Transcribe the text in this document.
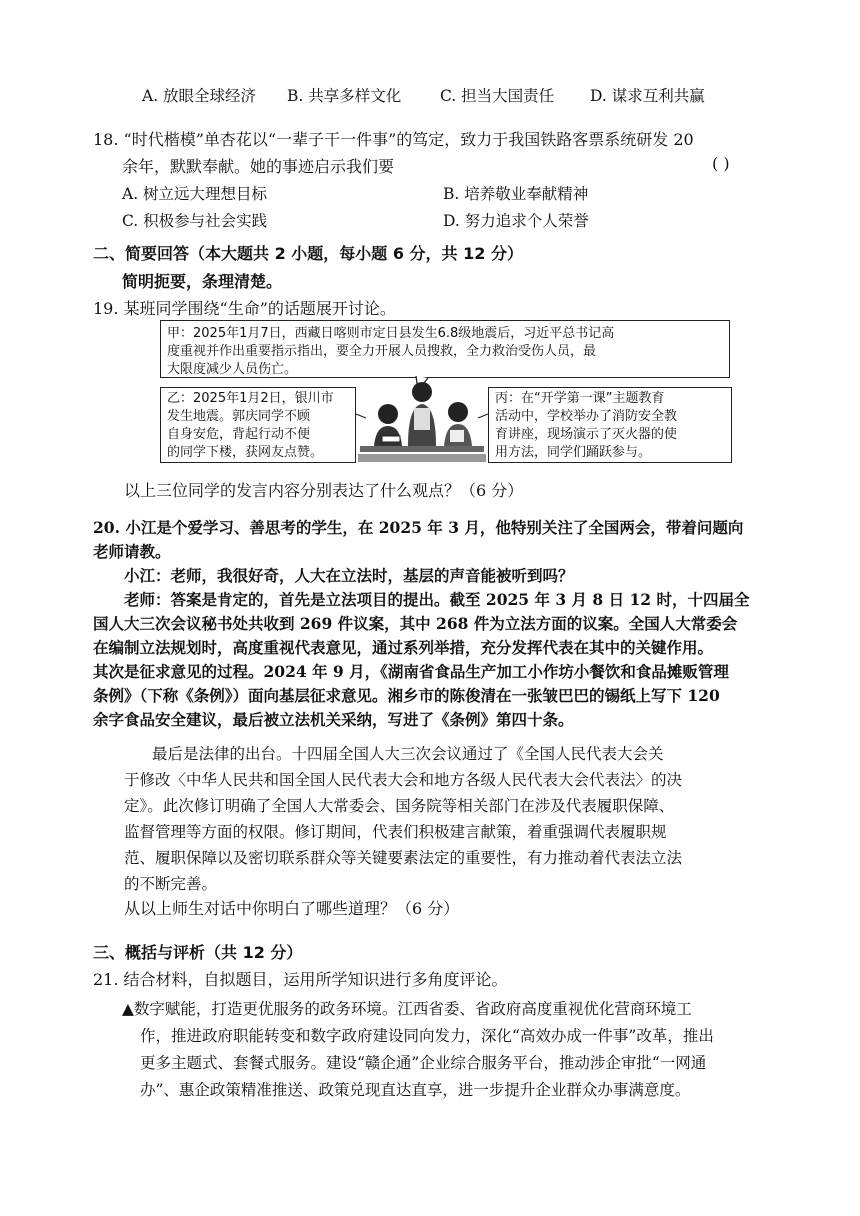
A. 放眼全球经济 B. 共享多样文化	C. 担当大国责任 D. 谋求互利共赢
18. “时代楷模”单杏花以“一辈子干一件事”的笃定，致力于我国铁路客票系统研发 20
余年，默默奉献。她的事迹启示我们要	( )
A. 树立远大理想目标	B. 培养敬业奉献精神
C. 积极参与社会实践	D. 努力追求个人荣誉
二、简要回答（本大题共 2 小题，每小题 6 分，共 12 分）
简明扼要，条理清楚。
19. 某班同学围绕“生命”的话题展开讨论。
甲：2025年1月7日，西藏日喀则市定日县发生6.8级地震后，习近平总书记高
度重视并作出重要指示指出，要全力开展人员搜救，全力救治受伤人员，最
大限度减少人员伤亡。
乙：2025年1月2日，银川市
发生地震。郭庆同学不顾
自身安危，背起行动不便
的同学下楼，获网友点赞。
丙：在“开学第一课”主题教育
活动中，学校举办了消防安全教
育讲座，现场演示了灭火器的使
用方法，同学们踊跃参与。
以上三位同学的发言内容分别表达了什么观点？（6 分）
20. 小江是个爱学习、善思考的学生，在 2025 年 3 月，他特别关注了全国两会，带着问题向
老师请教。
小江：老师，我很好奇，人大在立法时，基层的声音能被听到吗？
老师：答案是肯定的，首先是立法项目的提出。截至 2025 年 3 月 8 日 12 时，十四届全
国人大三次会议秘书处共收到 269 件议案，其中 268 件为立法方面的议案。全国人大常委会
在编制立法规划时，高度重视代表意见，通过系列举措，充分发挥代表在其中的关键作用。
其次是征求意见的过程。2024 年 9 月，《湖南省食品生产加工小作坊小餐饮和食品摊贩管理
条例》（下称《条例》）面向基层征求意见。湘乡市的陈俊清在一张皱巴巴的锡纸上写下 120
余字食品安全建议，最后被立法机关采纳，写进了《条例》第四十条。
最后是法律的出台。十四届全国人大三次会议通过了《全国人民代表大会关
于修改〈中华人民共和国全国人民代表大会和地方各级人民代表大会代表法〉的决
定》。此次修订明确了全国人大常委会、国务院等相关部门在涉及代表履职保障、
监督管理等方面的权限。修订期间，代表们积极建言献策，着重强调代表履职规
范、履职保障以及密切联系群众等关键要素法定的重要性，有力推动着代表法立法
的不断完善。
从以上师生对话中你明白了哪些道理？（6 分）
三、概括与评析（共 12 分）
21. 结合材料，自拟题目，运用所学知识进行多角度评论。
▲数字赋能，打造更优服务的政务环境。江西省委、省政府高度重视优化营商环境工
作，推进政府职能转变和数字政府建设同向发力，深化“高效办成一件事”改革，推出
更多主题式、套餐式服务。建设“赣企通”企业综合服务平台，推动涉企审批“一网通
办”、惠企政策精准推送、政策兑现直达直享，进一步提升企业群众办事满意度。
